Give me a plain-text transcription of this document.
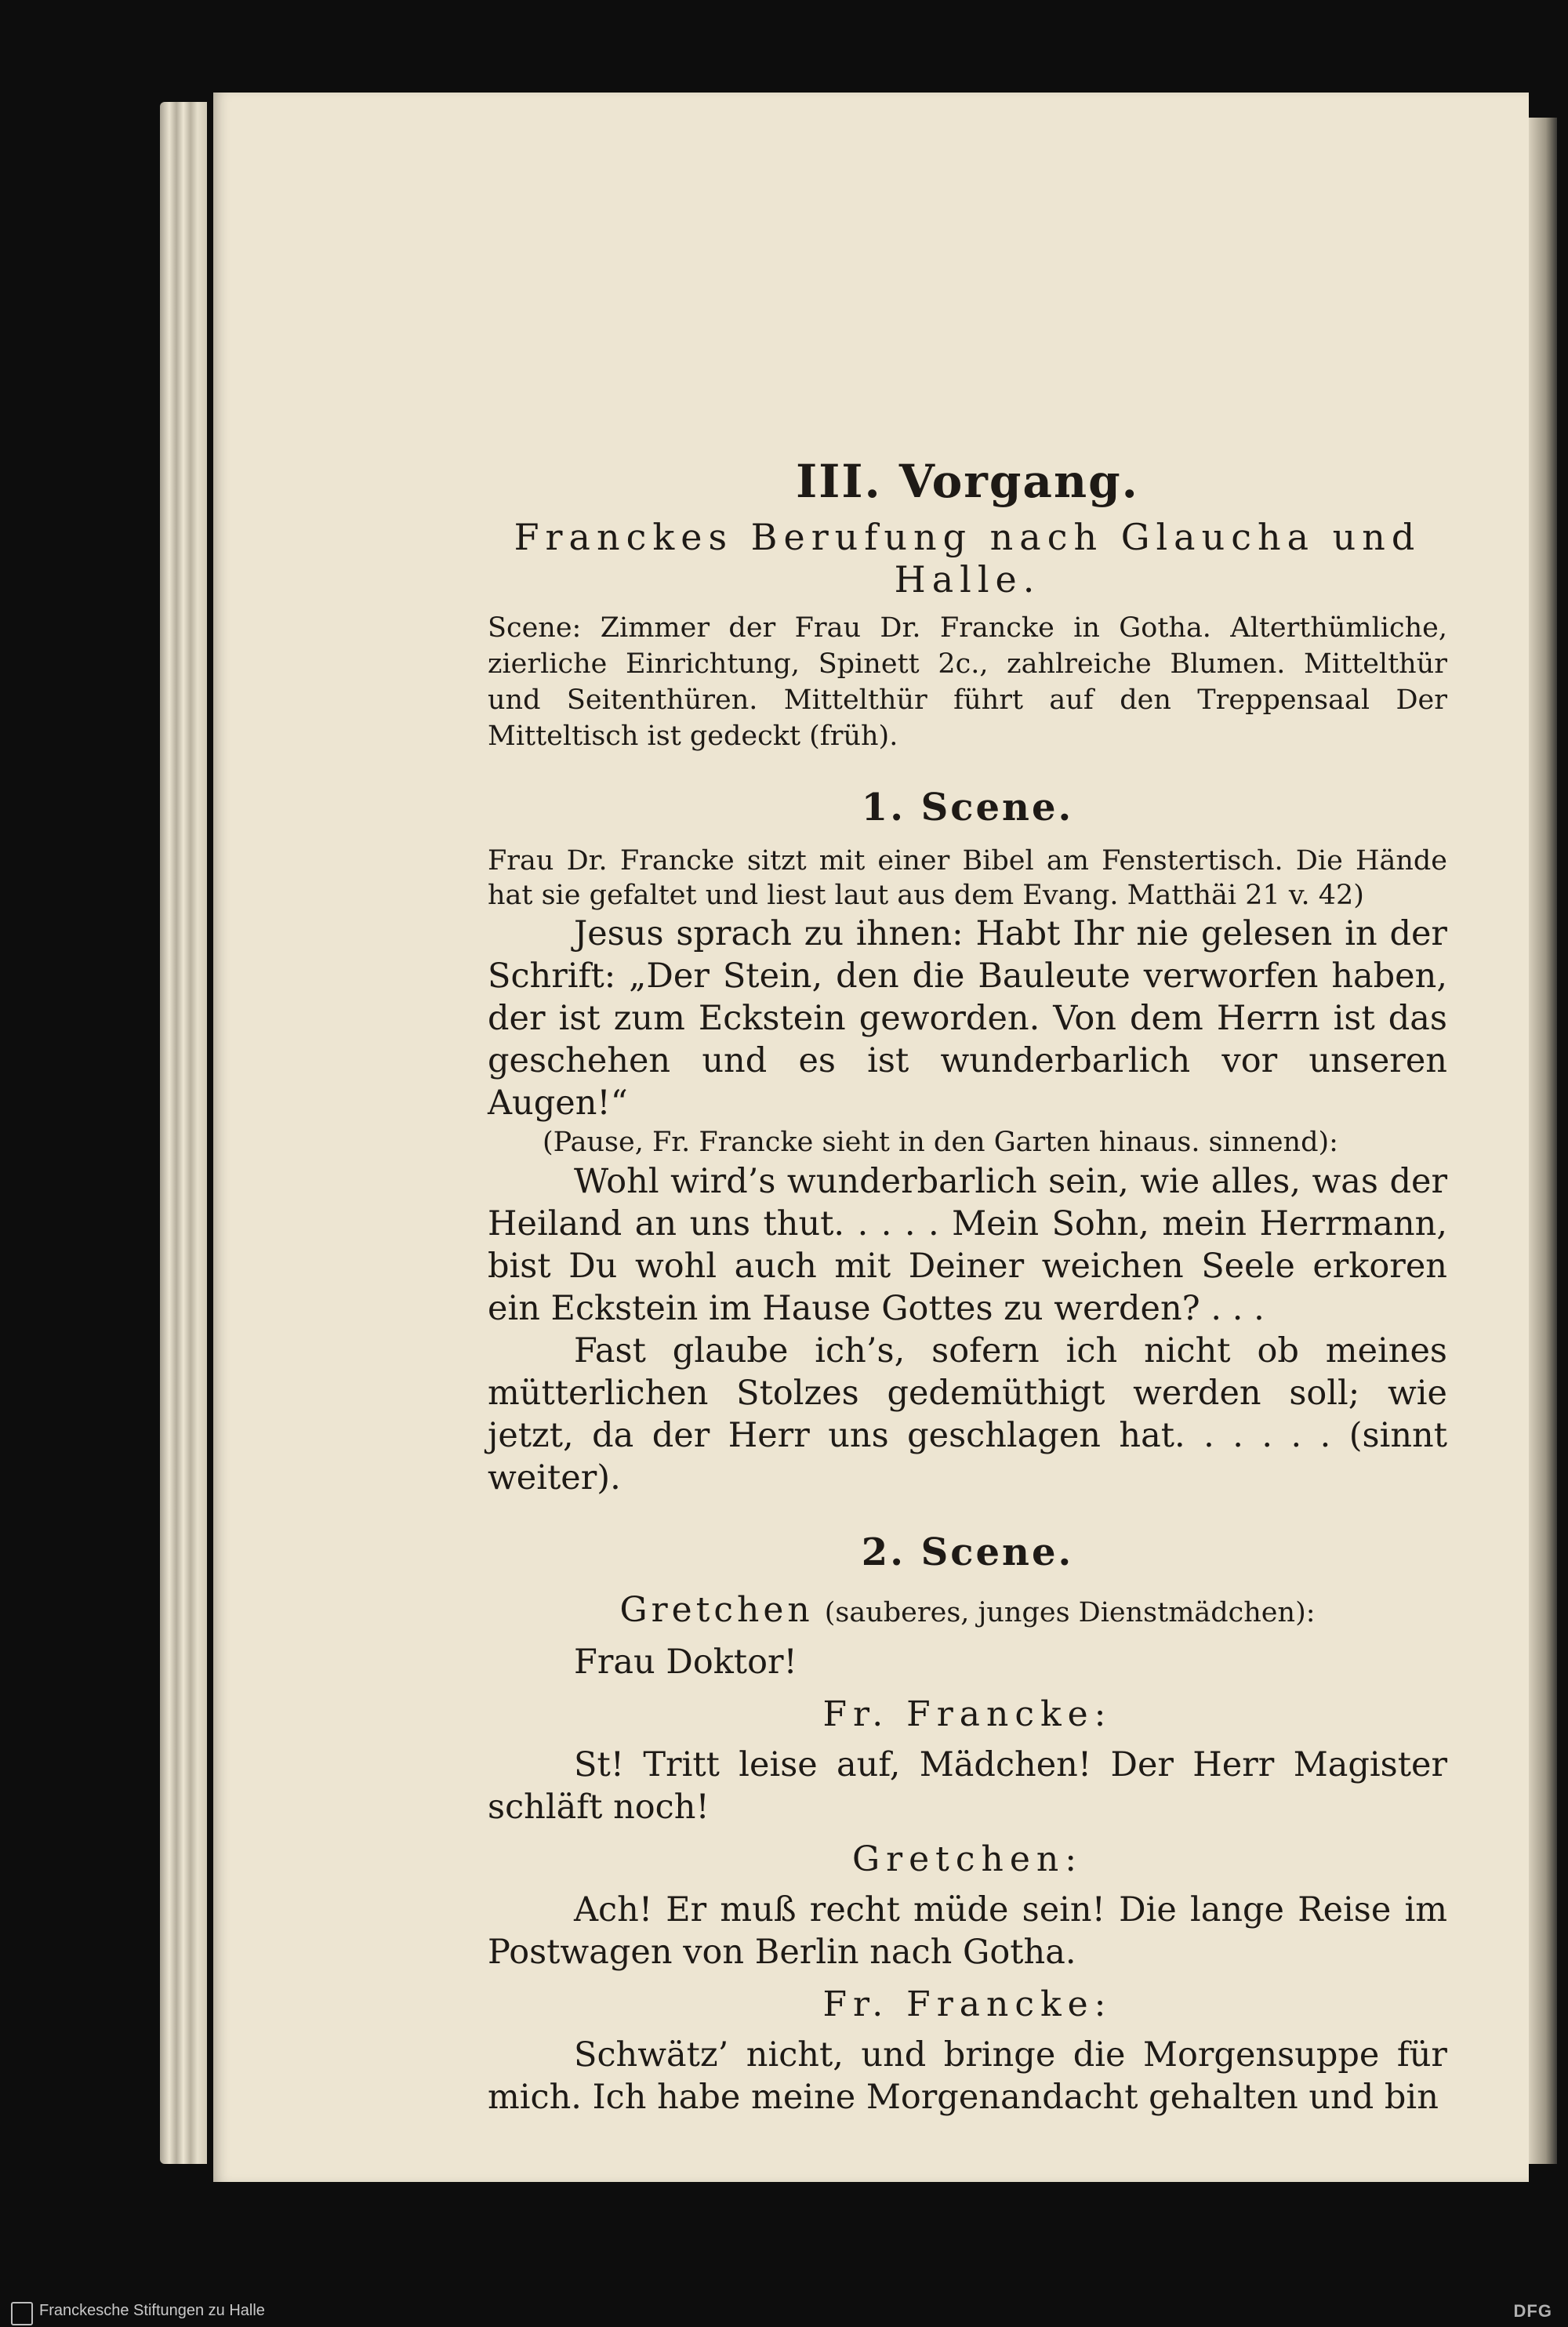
III. Vorgang.
Franckes Berufung nach Glaucha und Halle.

Scene: Zimmer der Frau Dr. Francke in Gotha. Alterthümliche, zierliche Einrichtung, Spinett 2c., zahlreiche Blumen. Mittelthür und Seitenthüren. Mittelthür führt auf den Treppensaal Der Mitteltisch ist gedeckt (früh).

1. Scene.

Frau Dr. Francke sitzt mit einer Bibel am Fenstertisch. Die Hände hat sie gefaltet und liest laut aus dem Evang. Matthäi 21 v. 42)

Jesus sprach zu ihnen: Habt Ihr nie gelesen in der Schrift: „Der Stein, den die Bauleute verworfen haben, der ist zum Eckstein geworden. Von dem Herrn ist das geschehen und es ist wunderbarlich vor unseren Augen!“

(Pause, Fr. Francke sieht in den Garten hinaus. sinnend):

Wohl wird’s wunderbarlich sein, wie alles, was der Heiland an uns thut. . . . . Mein Sohn, mein Herrmann, bist Du wohl auch mit Deiner weichen Seele erkoren ein Eckstein im Hause Gottes zu werden? . . .

Fast glaube ich’s, sofern ich nicht ob meines mütterlichen Stolzes gedemüthigt werden soll; wie jetzt, da der Herr uns geschlagen hat. . . . . . (sinnt weiter).

2. Scene.
Gretchen (sauberes, junges Dienstmädchen):

Frau Doktor!

Fr. Francke:

St! Tritt leise auf, Mädchen! Der Herr Magister schläft noch!

Gretchen:

Ach! Er muß recht müde sein! Die lange Reise im Postwagen von Berlin nach Gotha.

Fr. Francke:

Schwätz’ nicht, und bringe die Morgensuppe für mich. Ich habe meine Morgenandacht gehalten und bin

Franckesche Stiftungen zu Halle	DFG
